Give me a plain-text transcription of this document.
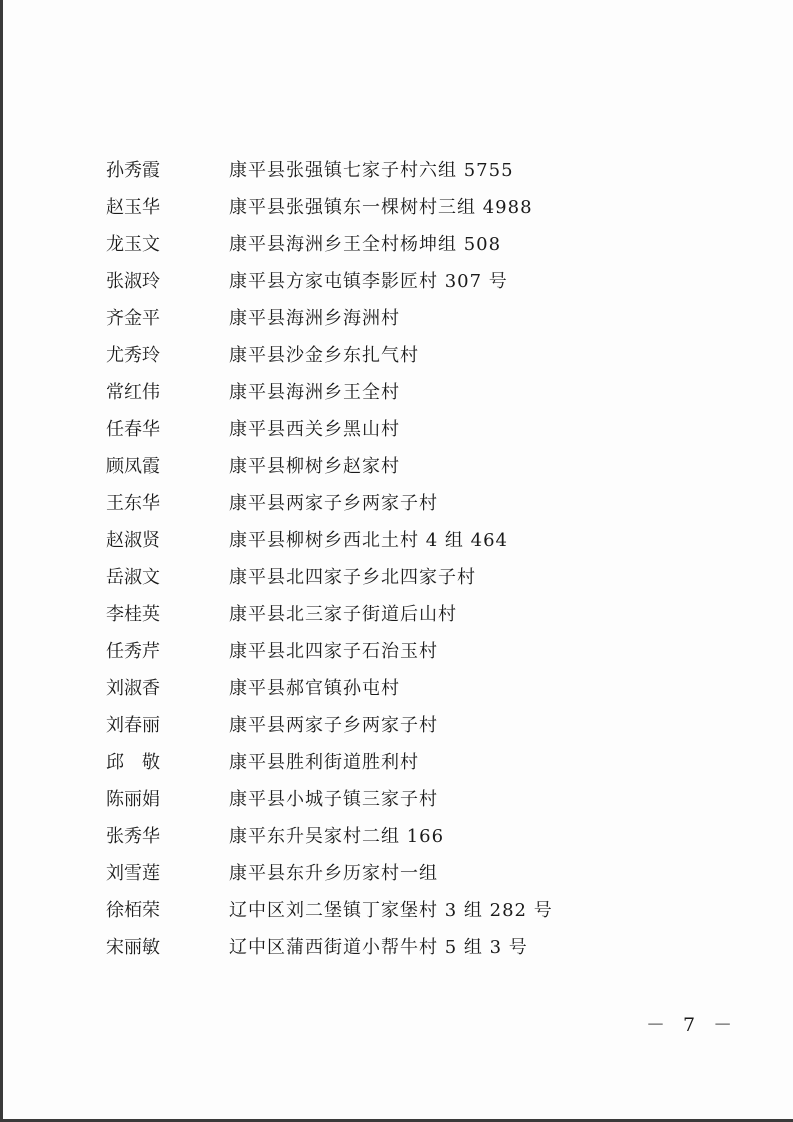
孙秀霞	康平县张强镇七家子村六组 5755
赵玉华	康平县张强镇东一棵树村三组 4988
龙玉文	康平县海洲乡王全村杨坤组 508
张淑玲	康平县方家屯镇李影匠村 307 号
齐金平	康平县海洲乡海洲村
尤秀玲	康平县沙金乡东扎气村
常红伟	康平县海洲乡王全村
任春华	康平县西关乡黑山村
顾凤霞	康平县柳树乡赵家村
王东华	康平县两家子乡两家子村
赵淑贤	康平县柳树乡西北土村 4 组 464
岳淑文	康平县北四家子乡北四家子村
李桂英	康平县北三家子街道后山村
任秀芹	康平县北四家子石治玉村
刘淑香	康平县郝官镇孙屯村
刘春丽	康平县两家子乡两家子村
邱　敬	康平县胜利街道胜利村
陈丽娟	康平县小城子镇三家子村
张秀华	康平东升吴家村二组 166
刘雪莲	康平县东升乡历家村一组
徐栢荣	辽中区刘二堡镇丁家堡村 3 组 282 号
宋丽敏	辽中区蒲西街道小帮牛村 5 组 3 号
－ 7 －
